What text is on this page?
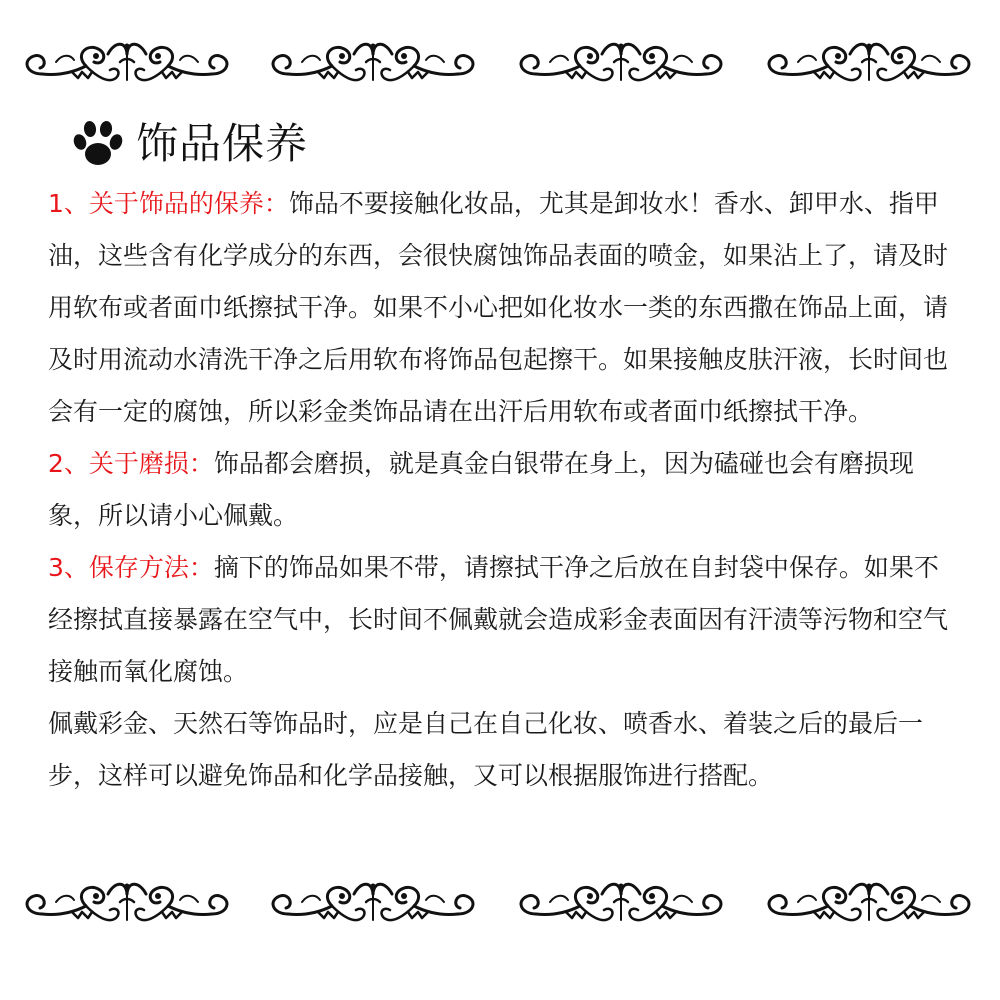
饰品保养

1、关于饰品的保养：饰品不要接触化妆品，尤其是卸妆水！香水、卸甲水、指甲油，这些含有化学成分的东西，会很快腐蚀饰品表面的喷金，如果沾上了，请及时用软布或者面巾纸擦拭干净。如果不小心把如化妆水一类的东西撒在饰品上面，请及时用流动水清洗干净之后用软布将饰品包起擦干。如果接触皮肤汗液，长时间也会有一定的腐蚀，所以彩金类饰品请在出汗后用软布或者面巾纸擦拭干净。

2、关于磨损：饰品都会磨损，就是真金白银带在身上，因为磕碰也会有磨损现象，所以请小心佩戴。

3、保存方法：摘下的饰品如果不带，请擦拭干净之后放在自封袋中保存。如果不经擦拭直接暴露在空气中，长时间不佩戴就会造成彩金表面因有汗渍等污物和空气接触而氧化腐蚀。

佩戴彩金、天然石等饰品时，应是自己在自己化妆、喷香水、着装之后的最后一步，这样可以避免饰品和化学品接触，又可以根据服饰进行搭配。
